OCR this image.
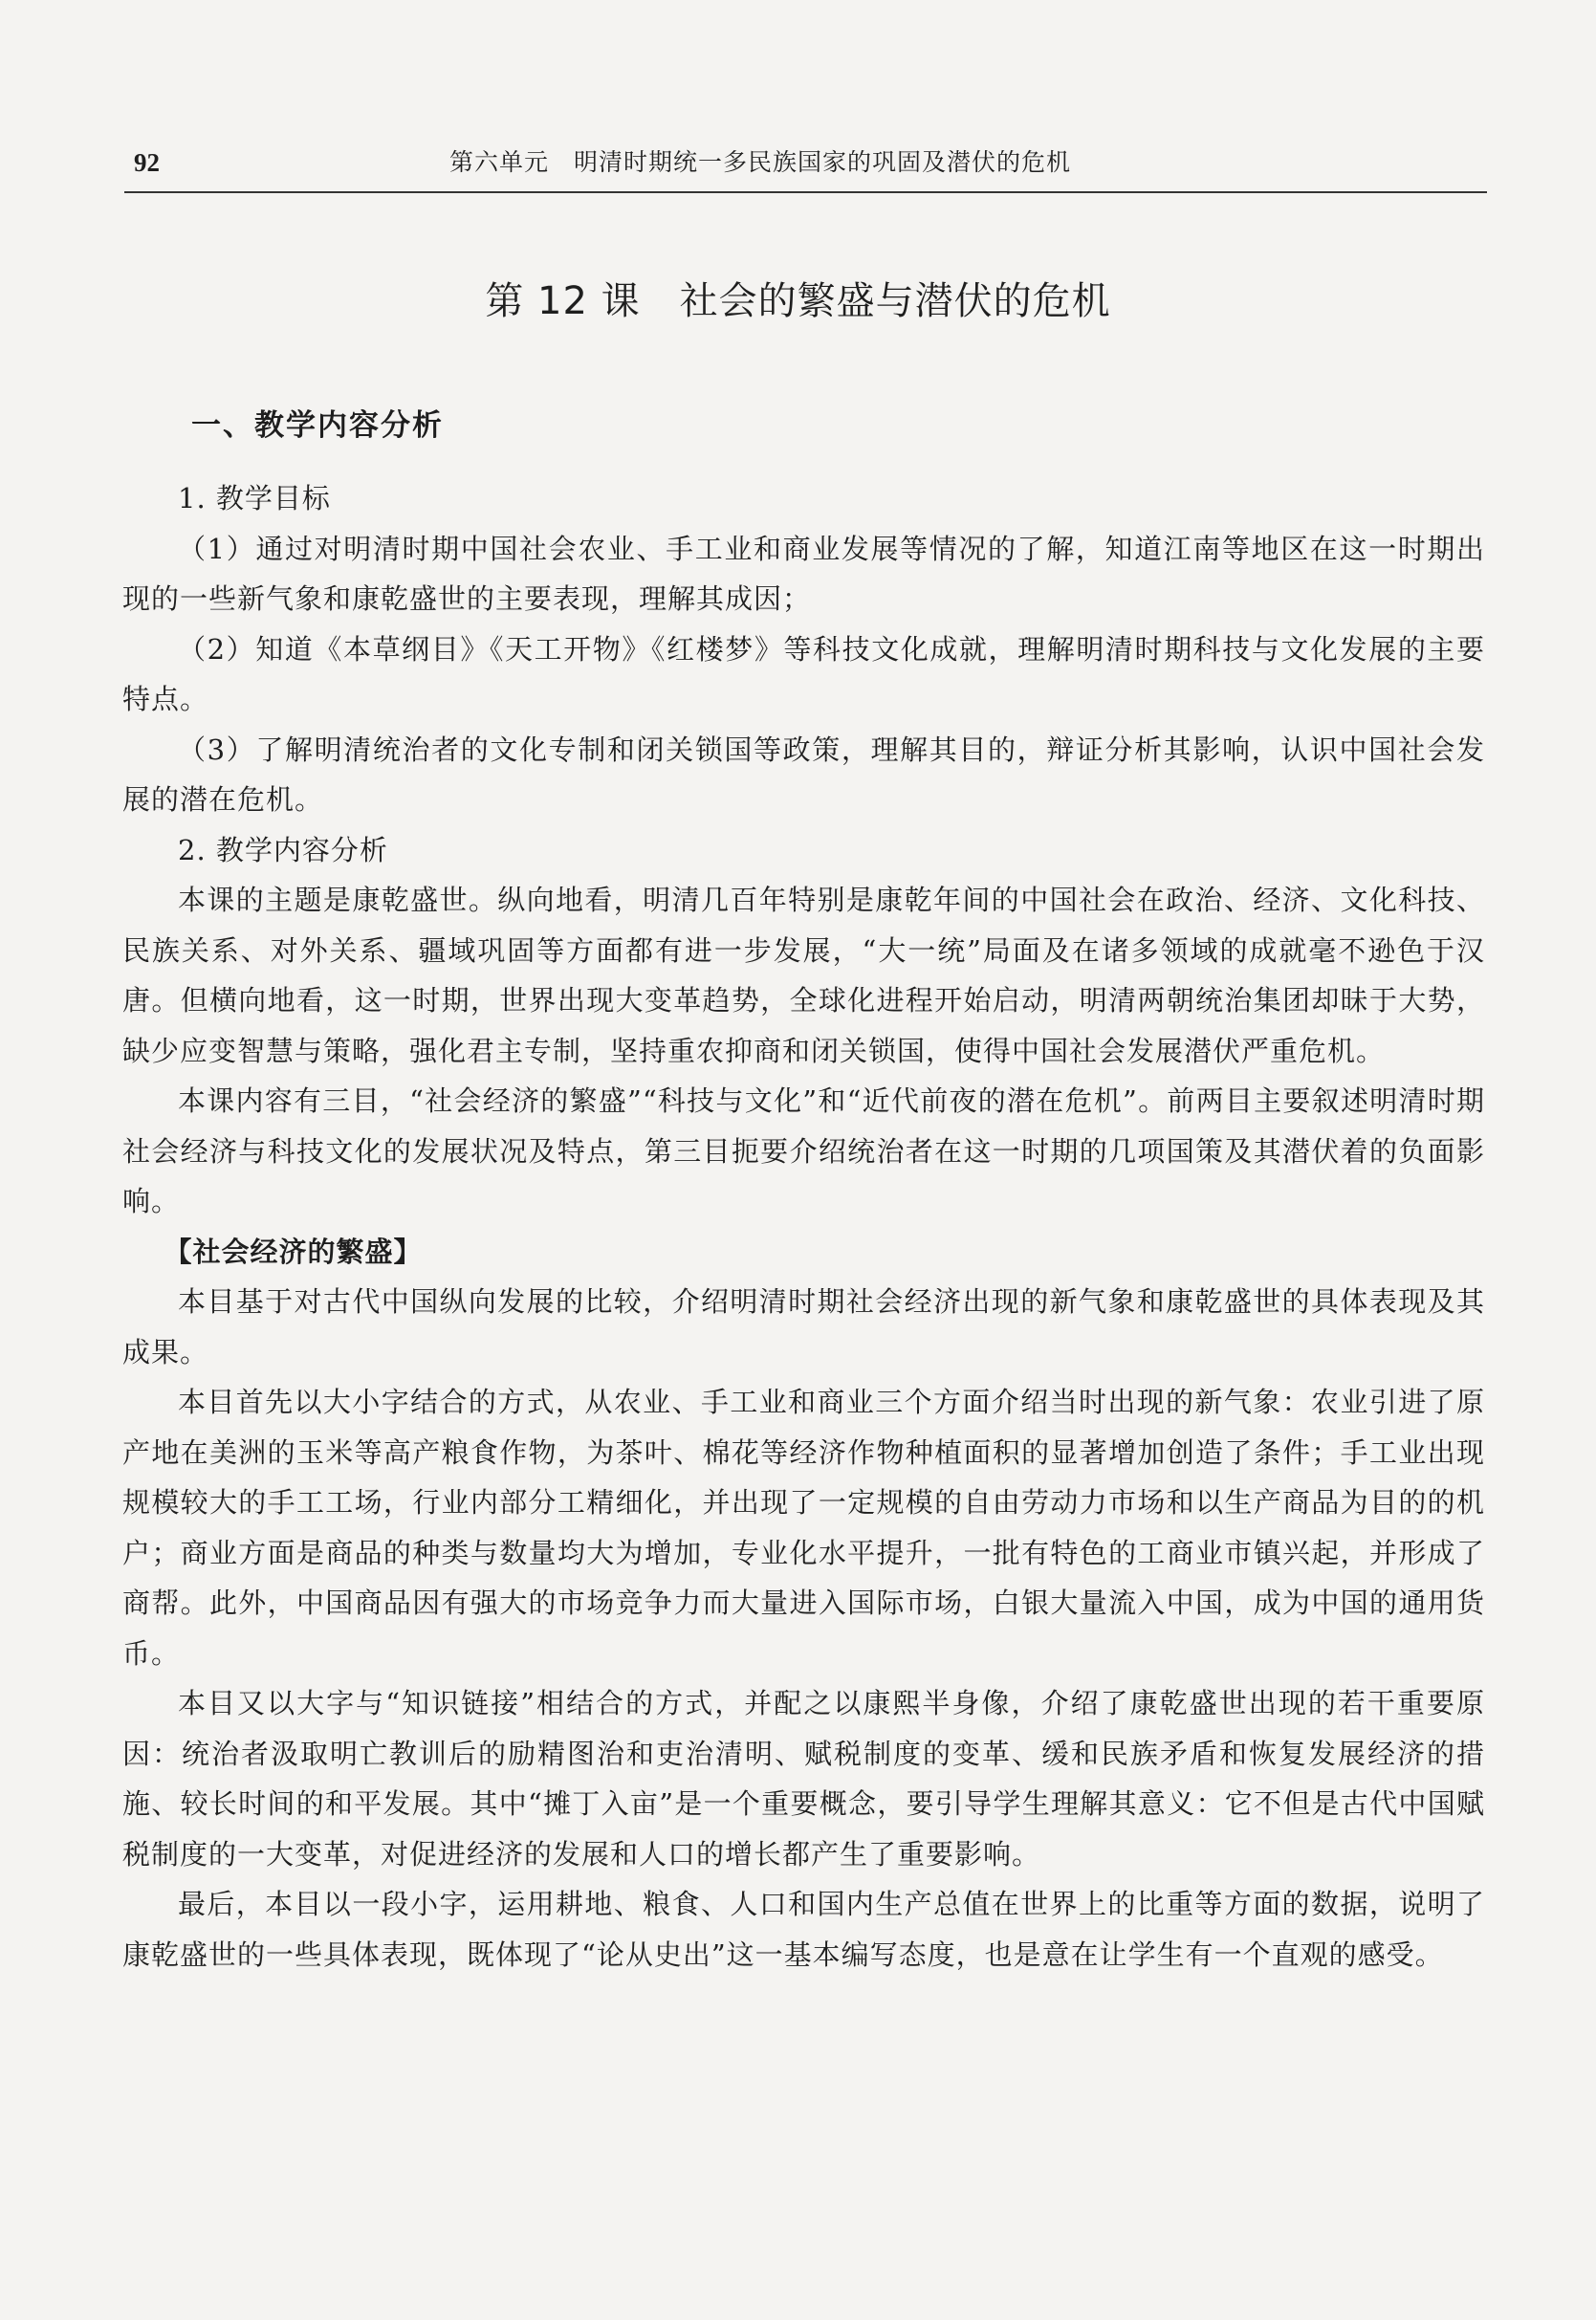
92	第六单元　明清时期统一多民族国家的巩固及潜伏的危机
第 12 课　社会的繁盛与潜伏的危机
一、教学内容分析

1. 教学目标

（1）通过对明清时期中国社会农业、手工业和商业发展等情况的了解，知道江南等地区在这一时期出现的一些新气象和康乾盛世的主要表现，理解其成因；

（2）知道《本草纲目》《天工开物》《红楼梦》等科技文化成就，理解明清时期科技与文化发展的主要特点。

（3）了解明清统治者的文化专制和闭关锁国等政策，理解其目的，辩证分析其影响，认识中国社会发展的潜在危机。

2. 教学内容分析

本课的主题是康乾盛世。纵向地看，明清几百年特别是康乾年间的中国社会在政治、经济、文化科技、民族关系、对外关系、疆域巩固等方面都有进一步发展，“大一统”局面及在诸多领域的成就毫不逊色于汉唐。但横向地看，这一时期，世界出现大变革趋势，全球化进程开始启动，明清两朝统治集团却昧于大势，缺少应变智慧与策略，强化君主专制，坚持重农抑商和闭关锁国，使得中国社会发展潜伏严重危机。

本课内容有三目，“社会经济的繁盛”“科技与文化”和“近代前夜的潜在危机”。前两目主要叙述明清时期社会经济与科技文化的发展状况及特点，第三目扼要介绍统治者在这一时期的几项国策及其潜伏着的负面影响。

【社会经济的繁盛】

本目基于对古代中国纵向发展的比较，介绍明清时期社会经济出现的新气象和康乾盛世的具体表现及其成果。

本目首先以大小字结合的方式，从农业、手工业和商业三个方面介绍当时出现的新气象：农业引进了原产地在美洲的玉米等高产粮食作物，为茶叶、棉花等经济作物种植面积的显著增加创造了条件；手工业出现规模较大的手工工场，行业内部分工精细化，并出现了一定规模的自由劳动力市场和以生产商品为目的的机户；商业方面是商品的种类与数量均大为增加，专业化水平提升，一批有特色的工商业市镇兴起，并形成了商帮。此外，中国商品因有强大的市场竞争力而大量进入国际市场，白银大量流入中国，成为中国的通用货币。

本目又以大字与“知识链接”相结合的方式，并配之以康熙半身像，介绍了康乾盛世出现的若干重要原因：统治者汲取明亡教训后的励精图治和吏治清明、赋税制度的变革、缓和民族矛盾和恢复发展经济的措施、较长时间的和平发展。其中“摊丁入亩”是一个重要概念，要引导学生理解其意义：它不但是古代中国赋税制度的一大变革，对促进经济的发展和人口的增长都产生了重要影响。

最后，本目以一段小字，运用耕地、粮食、人口和国内生产总值在世界上的比重等方面的数据，说明了康乾盛世的一些具体表现，既体现了“论从史出”这一基本编写态度，也是意在让学生有一个直观的感受。
